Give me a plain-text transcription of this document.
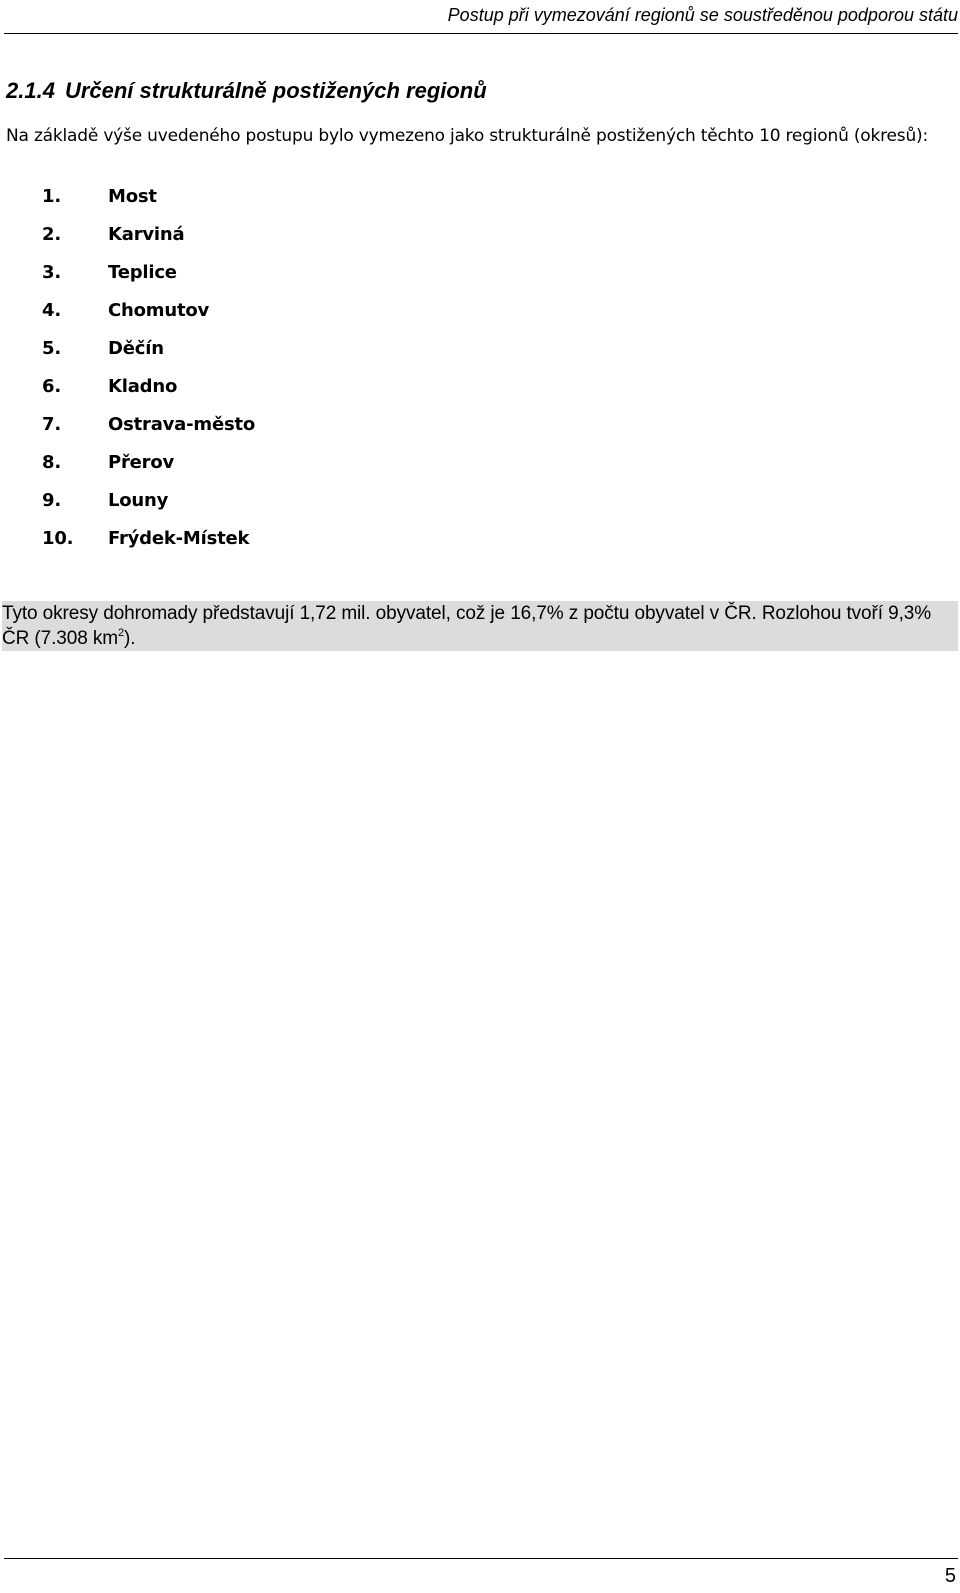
Postup při vymezování regionů se soustředěnou podporou státu
2.1.4 Určení strukturálně postižených regionů

Na základě výše uvedeného postupu bylo vymezeno jako strukturálně postižených těchto 10 regionů (okresů):

1.	Most
2.	Karviná
3.	Teplice
4.	Chomutov
5.	Děčín
6.	Kladno
7.	Ostrava-město
8.	Přerov
9.	Louny
10. Frýdek-Místek

Tyto okresy dohromady představují 1,72 mil. obyvatel, což je 16,7% z počtu obyvatel v ČR. Rozlohou tvoří 9,3% ČR (7.308 $km^2$).

5
